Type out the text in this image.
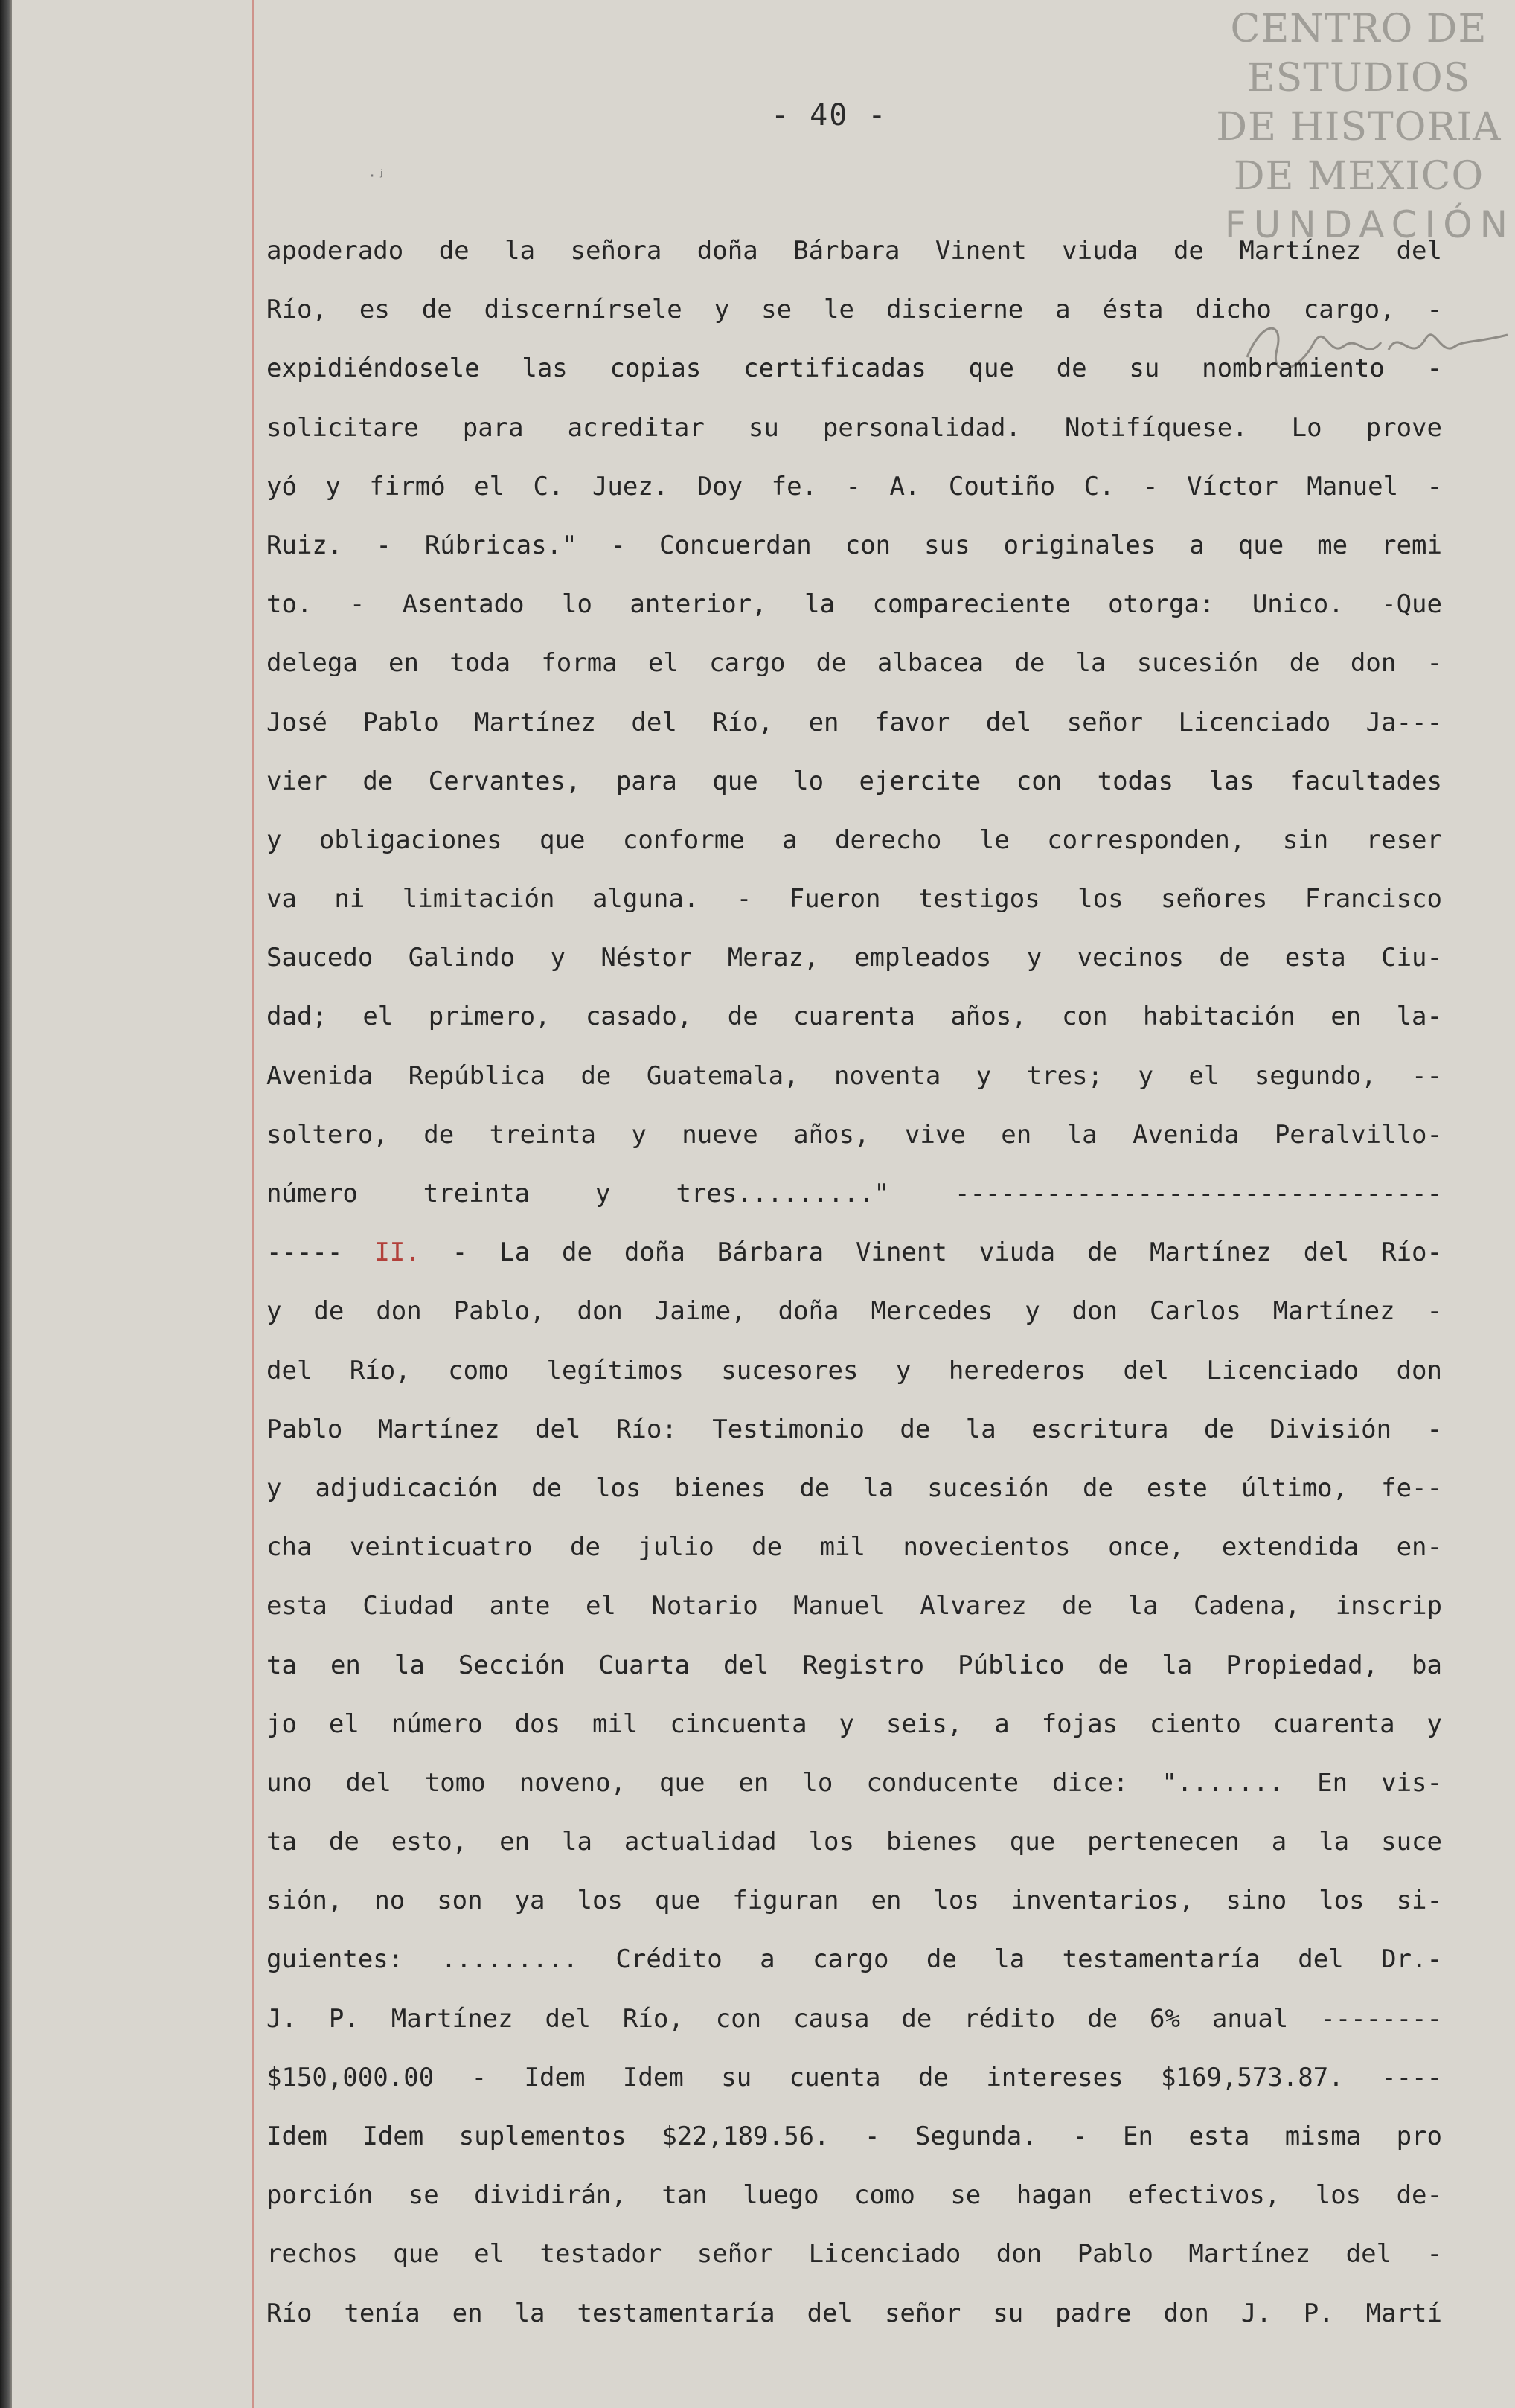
CENTRO DE
ESTUDIOS
DE HISTORIA
DE MEXICO
FUNDACIÓN
·ʲ
- 40 -
apoderado de la señora doña Bárbara Vinent viuda de Martínez del
Río, es de discernírsele y se le discierne a ésta dicho cargo, -
expidiéndosele las copias certificadas que de su nombramiento -
solicitare para acreditar su personalidad. Notifíquese. Lo prove
yó y firmó el C. Juez. Doy fe. - A. Coutiño C. - Víctor Manuel -
Ruiz. - Rúbricas." - Concuerdan con sus originales a que me remi
to. - Asentado lo anterior, la compareciente otorga: Unico. -Que
delega en toda forma el cargo de albacea de la sucesión de don -
José Pablo Martínez del Río, en favor del señor Licenciado Ja---
vier de Cervantes, para que lo ejercite con todas las facultades
y obligaciones que conforme a derecho le corresponden, sin reser
va ni limitación alguna. - Fueron testigos los señores Francisco
Saucedo Galindo y Néstor Meraz, empleados y vecinos de esta Ciu-
dad; el primero, casado, de cuarenta años, con habitación en la-
Avenida República de Guatemala, noventa y tres; y el segundo, --
soltero, de treinta y nueve años, vive en la Avenida Peralvillo-
número treinta y tres........." --------------------------------
----- II. - La de doña Bárbara Vinent viuda de Martínez del Río-
y de don Pablo, don Jaime, doña Mercedes y don Carlos Martínez -
del Río, como legítimos sucesores y herederos del Licenciado don
Pablo Martínez del Río: Testimonio de la escritura de División -
y adjudicación de los bienes de la sucesión de este último, fe--
cha veinticuatro de julio de mil novecientos once, extendida en-
esta Ciudad ante el Notario Manuel Alvarez de la Cadena, inscrip
ta en la Sección Cuarta del Registro Público de la Propiedad, ba
jo el número dos mil cincuenta y seis, a fojas ciento cuarenta y
uno del tomo noveno, que en lo conducente dice: "....... En vis-
ta de esto, en la actualidad los bienes que pertenecen a la suce
sión, no son ya los que figuran en los inventarios, sino los si-
guientes: ......... Crédito a cargo de la testamentaría del Dr.-
J. P. Martínez del Río, con causa de rédito de 6% anual --------
$150,000.00 - Idem Idem su cuenta de intereses $169,573.87. ----
Idem Idem suplementos $22,189.56. - Segunda. - En esta misma pro
porción se dividirán, tan luego como se hagan efectivos, los de-
rechos que el testador señor Licenciado don Pablo Martínez del -
Río tenía en la testamentaría del señor su padre don J. P. Martí
